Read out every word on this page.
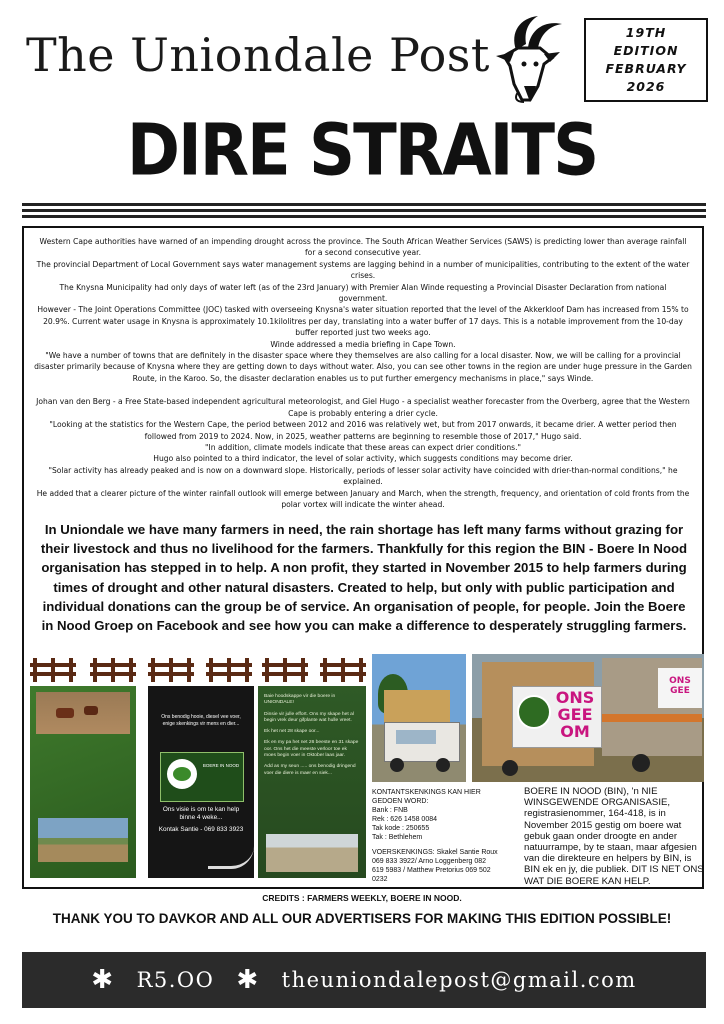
The Uniondale Post	19TH
EDITION
FEBRUARY
2026
DIRE STRAITS

Western Cape authorities have warned of an impending drought across the province. The South African Weather Services (SAWS) is predicting lower than average rainfall for a second consecutive year.

The provincial Department of Local Government says water management systems are lagging behind in a number of municipalities, contributing to the extent of the water crises.

The Knysna Municipality had only days of water left (as of the 23rd January) with Premier Alan Winde requesting a Provincial Disaster Declaration from national government.

However - The Joint Operations Committee (JOC) tasked with overseeing Knysna's water situation reported that the level of the Akkerkloof Dam has increased from 15% to 20.9%. Current water usage in Knysna is approximately 10.1kilolitres per day, translating into a water buffer of 17 days. This is a notable improvement from the 10-day buffer reported just two weeks ago.

Winde addressed a media briefing in Cape Town.

"We have a number of towns that are definitely in the disaster space where they themselves are also calling for a local disaster. Now, we will be calling for a provincial disaster primarily because of Knysna where they are getting down to days without water. Also, you can see other towns in the region are under huge pressure in the Garden Route, in the Karoo. So, the disaster declaration enables us to put further emergency mechanisms in place," says Winde.

Johan van den Berg - a Free State-based independent agricultural meteorologist, and Giel Hugo - a specialist weather forecaster from the Overberg, agree that the Western Cape is probably entering a drier cycle.

"Looking at the statistics for the Western Cape, the period between 2012 and 2016 was relatively wet, but from 2017 onwards, it became drier. A wetter period then followed from 2019 to 2024. Now, in 2025, weather patterns are beginning to resemble those of 2017," Hugo said.

"In addition, climate models indicate that these areas can expect drier conditions."

Hugo also pointed to a third indicator, the level of solar activity, which suggests conditions may become drier.

"Solar activity has already peaked and is now on a downward slope. Historically, periods of lesser solar activity have coincided with drier-than-normal conditions," he explained.

He added that a clearer picture of the winter rainfall outlook will emerge between January and March, when the strength, frequency, and orientation of cold fronts from the polar vortex will indicate the winter ahead.

In Uniondale we have many farmers in need, the rain shortage has left many farms without grazing for their livestock and thus no livelihood for the farmers. Thankfully for this region the BIN - Boere In Nood organisation has stepped in to help. A non profit, they started in November 2015 to help farmers during times of drought and other natural disasters. Created to help, but only with public participation and individual donations can the group be of service. An organisation of people, for people. Join the Boere in Nood Groep on Facebook and see how you can make a difference to desperately struggling farmers.
Ons benodig hooie, diesel vee voer, enige skenkings vir mens en dier...
BOERE IN NOOD
Ons visie is om te kan help binne 4 weke...
Kontak Santie - 069 833 3923

Baie hoodskappe vir die boere in UNIONDALE!

Dinsie vir julle effort. Ons my skape het al begin vrek deur gifplante wat hulle vreet.

Ek het net 28 skape oor...

Ek en my pa het net 26 beeste en 31 skape oor. Ons het die meeste verloor toe ek moes begin voer in Oktober laas jaar.

Add as my seun ..... ons benodig dringend voer die diere is maer en siek...

ONS GEE OM
ONS GEE
KONTANTSKENKINGS KAN HIER GEDOEN WORD:
Bank : FNB
Rek : 626 1458 0084
Tak kode : 250655
Tak : Bethlehem
VOERSKENKINGS: Skakel Santie Roux 069 833 3922/ Arno Loggenberg 082 619 5983 / Matthew Pretorius 069 502 0232
BOERE IN NOOD (BIN), 'n NIE WINSGEWENDE ORGANISASIE, registrasienommer, 164-418, is in November 2015 gestig om boere wat gebuk gaan onder droogte en ander natuurrampe, by te staan, maar afgesien van die direkteure en helpers by BIN, is BIN ek en jy, die publiek. DIT IS NET ONS WAT DIE BOERE KAN HELP.
CREDITS : FARMERS WEEKLY, BOERE IN NOOD.
THANK YOU TO DAVKOR AND ALL OUR ADVERTISERS FOR MAKING THIS EDITION POSSIBLE!
✱ R5.OO ✱ theuniondalepost@gmail.com
